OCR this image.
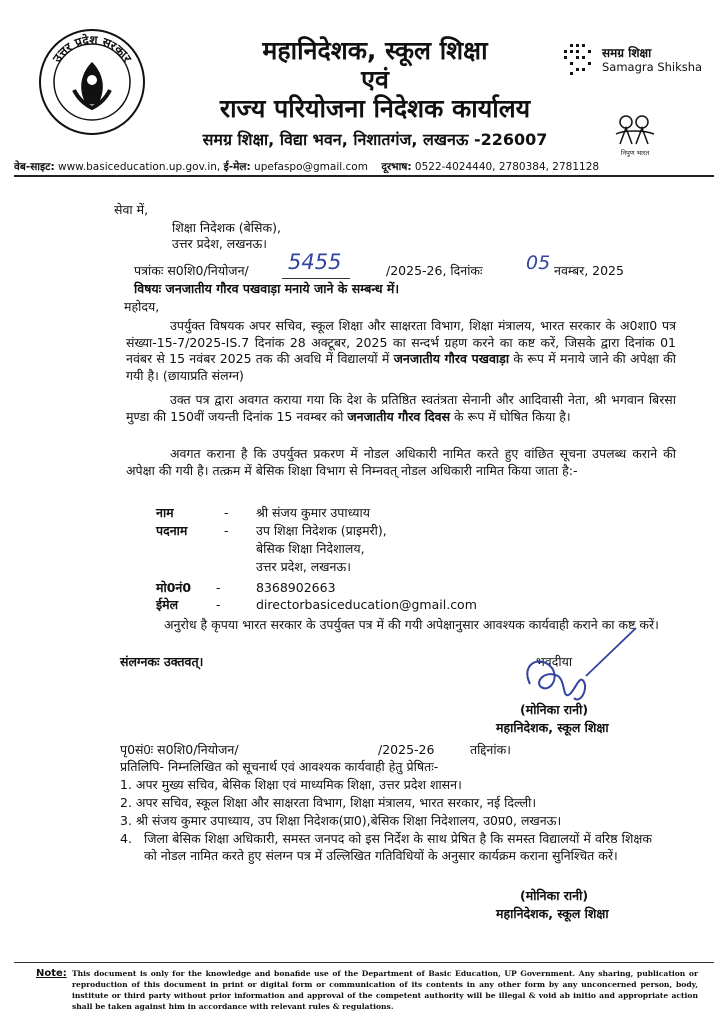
उत्तर प्रदेश सरकार	महानिदेशक, स्कूल शिक्षा
एवं
राज्य परियोजना निदेशक कार्यालय
समग्र शिक्षा, विद्या भवन, निशातगंज, लखनऊ -226007
समग्र शिक्षा
Samagra Shiksha
निपुण भारत
वेब-साइट: www.basiceducation.up.gov.in, ई-मेल: upefaspo@gmail.com दूरभाष: 0522-4024440, 2780384, 2781128
सेवा में,
शिक्षा निदेशक (बेसिक),
उत्तर प्रदेश, लखनऊ।
पत्रांकः स0शि0/नियोजन/ 5455	/2025-26, दिनांकः 05 नवम्बर, 2025
विषयः जनजातीय गौरव पखवाड़ा मनाये जाने के सम्बन्ध में।
महोदय,
उपर्युक्त विषयक अपर सचिव, स्कूल शिक्षा और साक्षरता विभाग, शिक्षा मंत्रालय, भारत सरकार के अ0शा0 पत्र संख्या-15-7/2025-IS.7 दिनांक 28 अक्टूबर, 2025 का सन्दर्भ ग्रहण करने का कष्ट करें, जिसके द्वारा दिनांक 01 नवंबर से 15 नवंबर 2025 तक की अवधि में विद्यालयों में जनजातीय गौरव पखवाड़ा के रूप में मनाये जाने की अपेक्षा की गयी है। (छायाप्रति संलग्न)
उक्त पत्र द्वारा अवगत कराया गया कि देश के प्रतिष्ठित स्वतंत्रता सेनानी और आदिवासी नेता, श्री भगवान बिरसा मुण्डा की 150वीं जयन्ती दिनांक 15 नवम्बर को जनजातीय गौरव दिवस के रूप में घोषित किया है।
अवगत कराना है कि उपर्युक्त प्रकरण में नोडल अधिकारी नामित करते हुए वांछित सूचना उपलब्ध कराने की अपेक्षा की गयी है। तत्क्रम में बेसिक शिक्षा विभाग से निम्नवत् नोडल अधिकारी नामित किया जाता है:-
नाम	- श्री संजय कुमार उपाध्याय
पदनाम	- उप शिक्षा निदेशक (प्राइमरी),
बेसिक शिक्षा निदेशालय,
उत्तर प्रदेश, लखनऊ।
मो0नं0 -	8368902663
ईमेल	-	directorbasiceducation@gmail.com
अनुरोध है कृपया भारत सरकार के उपर्युक्त पत्र में की गयी अपेक्षानुसार आवश्यक कार्यवाही कराने का कष्ट करें।
संलग्नकः उक्तवत्।	भवदीया
(मोनिका रानी)
महानिदेशक, स्कूल शिक्षा
पृ0सं0ः स0शि0/नियोजन/	/2025-26	तद्दिनांक।
प्रतिलिपि- निम्नलिखित को सूचनार्थ एवं आवश्यक कार्यवाही हेतु प्रेषितः-
1. अपर मुख्य सचिव, बेसिक शिक्षा एवं माध्यमिक शिक्षा, उत्तर प्रदेश शासन।
2. अपर सचिव, स्कूल शिक्षा और साक्षरता विभाग, शिक्षा मंत्रालय, भारत सरकार, नई दिल्ली।
3. श्री संजय कुमार उपाध्याय, उप शिक्षा निदेशक(प्रा0),बेसिक शिक्षा निदेशालय, उ0प्र0, लखनऊ।
4. जिला बेसिक शिक्षा अधिकारी, समस्त जनपद को इस निर्देश के साथ प्रेषित है कि समस्त विद्यालयों में वरिष्ठ शिक्षक को नोडल नामित करते हुए संलग्न पत्र में उल्लिखित गतिविधियों के अनुसार कार्यक्रम कराना सुनिश्चित करें।
(मोनिका रानी)
महानिदेशक, स्कूल शिक्षा
Note: This document is only for the knowledge and bonafide use of the Department of Basic Education, UP Government. Any sharing, publication or reproduction of this document in print or digital form or communication of its contents in any other form by any unconcerned person, body, institute or third party without prior information and approval of the competent authority will be illegal & void ab initio and appropriate action shall be taken against him in accordance with relevant rules & regulations.
